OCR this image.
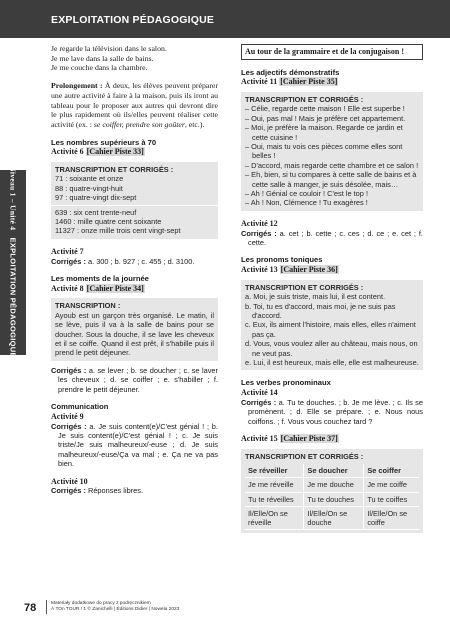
EXPLOITATION PÉDAGOGIQUE
Niveau 1 – Unité 4   EXPLOITATION PÉDAGOGIQUE

Je regarde la télévision dans le salon.

Je me lave dans la salle de bains.

Je me couche dans la chambre.

Prolongement : À deux, les élèves peuvent préparer une autre activité à faire à la maison, puis ils iront au tableau pour le proposer aux autres qui devront dire le plus rapidement où ils/elles peuvent réaliser cette activité (ex. : se coiffer, prendre son goûter, etc.).

Les nombres supérieurs à 70
Activité 6 [Cahier Piste 33]
TRANSCRIPTION ET CORRIGÉS :
71 : soixante et onze
88 : quatre-vingt-huit
97 : quatre-vingt dix-sept
639 : six cent trente-neuf
1460 : mille quatre cent soixante
11327 : onze mille trois cent vingt-sept
Activité 7

Corrigés : a. 300 ; b. 927 ; c. 455 ; d. 3100.

Les moments de la journée
Activité 8 [Cahier Piste 34]
TRANSCRIPTION :
Ayoub est un garçon très organisé. Le matin, il se lève, puis il va à la salle de bains pour se doucher. Sous la douche, il se lave les cheveux et il se coiffe. Quand il est prêt, il s'habille puis il prend le petit déjeuner.

Corrigés : a. se lever ; b. se doucher ; c. se laver les cheveux ; d. se coiffer ; e. s'habiller ; f. prendre le petit déjeuner.

Communication
Activité 9

Corrigés : a. Je suis content(e)/C'est génial ! ; b. Je suis content(e)/C'est génial ! ; c. Je suis triste/Je suis malheureux/-euse ; d. Je suis malheureux/-euse/Ça va mal ; e. Ça ne va pas bien.

Activité 10

Corrigés : Réponses libres.

Au tour de la grammaire et de la conjugaison !
Les adjectifs démonstratifs
Activité 11 [Cahier Piste 35]
TRANSCRIPTION ET CORRIGÉS :
– Célie, regarde cette maison ! Elle est superbe !
– Oui, pas mal ! Mais je préfère cet appartement.
– Moi, je préfère la maison. Regarde ce jardin et cette cuisine !
– Oui, mais tu vois ces pièces comme elles sont belles !
– D'accord, mais regarde cette chambre et ce salon !
– Eh, bien, si tu compares à cette salle de bains et à cette salle à manger, je suis désolée, mais…
– Ah ! Génial ce couloir ! C'est le top !
– Ah ! Non, Clémence ! Tu exagères !
Activité 12

Corrigés : a. cet ; b. cette ; c. ces ; d. ce ; e. cet ; f. cette.

Les pronoms toniques
Activité 13 [Cahier Piste 36]
TRANSCRIPTION ET CORRIGÉS :
a. Moi, je suis triste, mais lui, il est content.
b. Toi, tu es d'accord, mais moi, je ne suis pas d'accord.
c. Eux, ils aiment l'histoire, mais elles, elles n'aiment pas ça.
d. Vous, vous voulez aller au château, mais nous, on ne veut pas.
e. Lui, il est heureux, mais elle, elle est malheureuse.
Les verbes pronominaux
Activité 14

Corrigés : a. Tu te douches. ; b. Je me lève. ; c. Ils se promènent. ; d. Elle se prépare. ; e. Nous nous coiffons. ; f. Vous vous couchez tard ?

Activité 15 [Cahier Piste 37]
TRANSCRIPTION ET CORRIGÉS :
Se réveiller	Se doucher	Se coiffer
Je me réveille	Je me douche	Je me coiffe
Tu te réveilles	Tu te douches	Tu te coiffes
Il/Elle/On se réveille	Il/Elle/On se douche	Il/Elle/On se coiffe
78	Materiały dodatkowe do pracy z podręcznikiem
À TOn TOUR ! 1 © Zanichelli | Éditions Didier | Nowela 2023
